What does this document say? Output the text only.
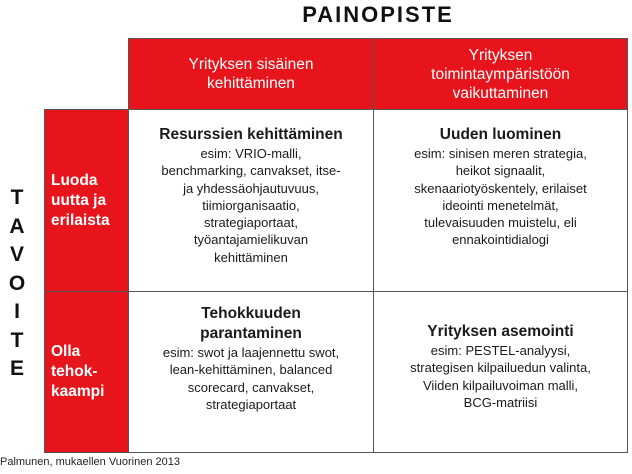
PAINOPISTE
T
A
V
O
I
T
E
Yrityksen sisäinen
kehittäminen
Yrityksen
toimintaympäristöön
vaikuttaminen
Luoda
uutta ja
erilaista
Olla
tehok-
kaampi
Resurssien kehittäminen
esim: VRIO-malli,
benchmarking, canvakset, itse-
ja yhdessäohjautuvuus,
tiimiorganisaatio,
strategiaportaat,
työantajamielikuvan
kehittäminen
Uuden luominen
esim: sinisen meren strategia,
heikot signaalit,
skenaariotyöskentely, erilaiset
ideointi menetelmät,
tulevaisuuden muistelu, eli
ennakointidialogi
Tehokkuuden
parantaminen
esim: swot ja laajennettu swot,
lean-kehittäminen, balanced
scorecard, canvakset,
strategiaportaat
Yrityksen asemointi
esim: PESTEL-analyysi,
strategisen kilpailuedun valinta,
Viiden kilpailuvoiman malli,
BCG-matriisi
Palmunen, mukaellen Vuorinen 2013
